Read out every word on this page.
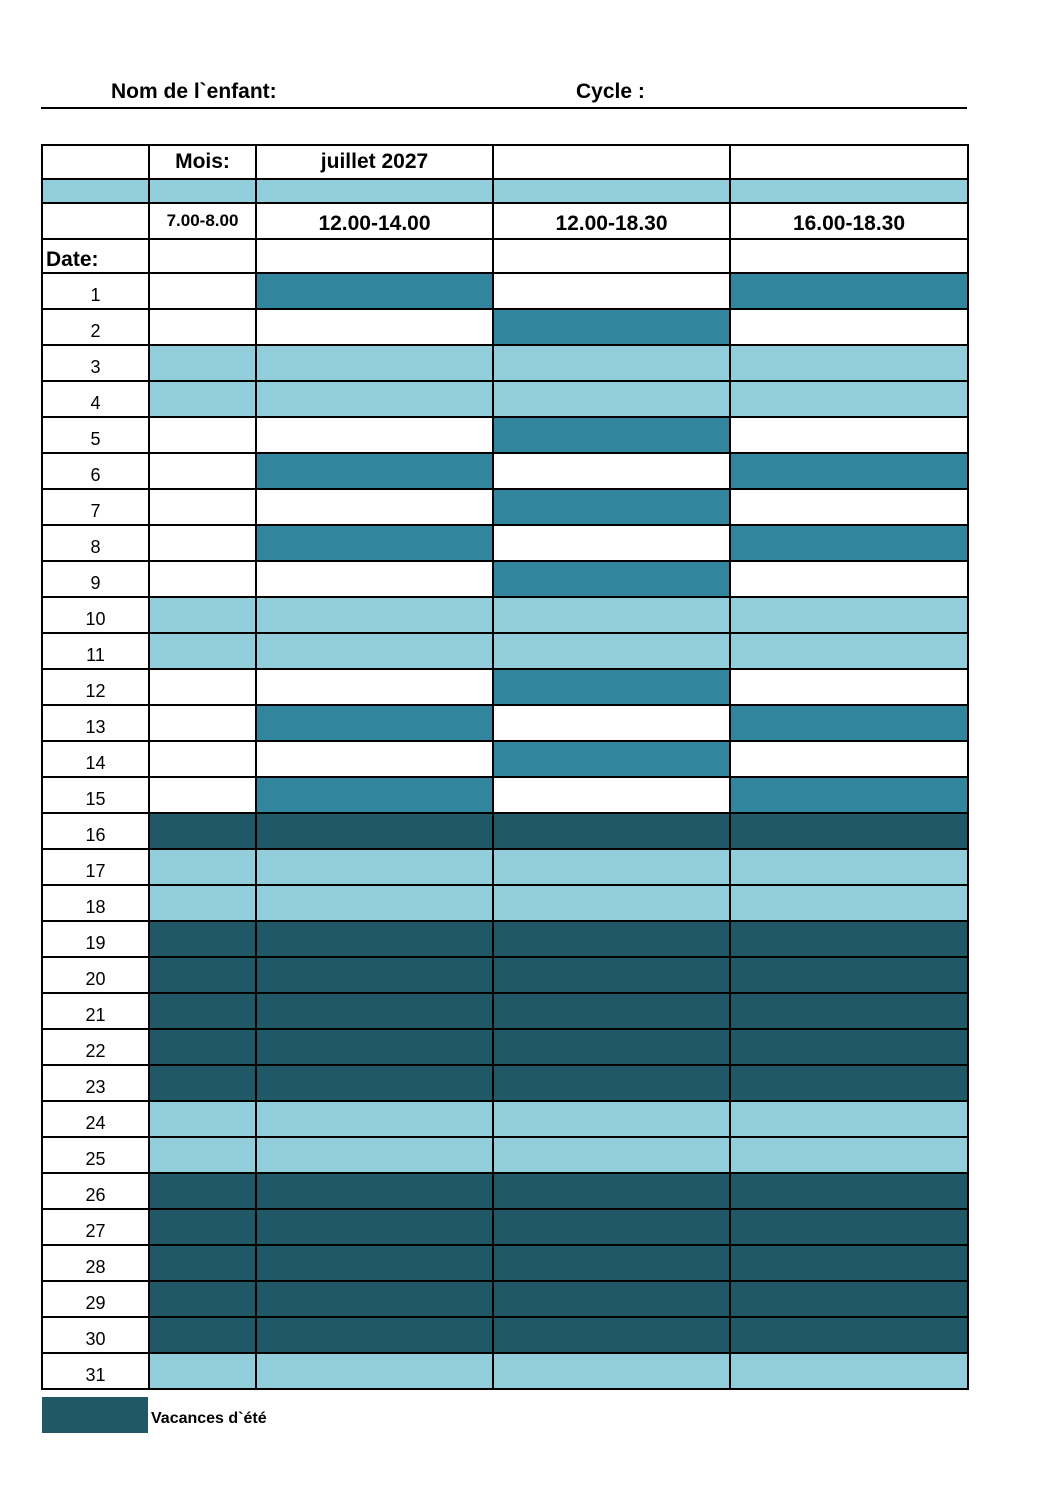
Nom de l`enfant:	Cycle :
	Mois:	juillet 2027		

	7.00-8.00	12.00-14.00	12.00-18.30	16.00-18.30
Date:				
1				
2				
3				
4				
5				
6				
7				
8				
9				
10				
11				
12				
13				
14				
15				
16				
17				
18				
19				
20				
21				
22				
23				
24				
25				
26				
27				
28				
29				
30				
31				
Vacances d`été
